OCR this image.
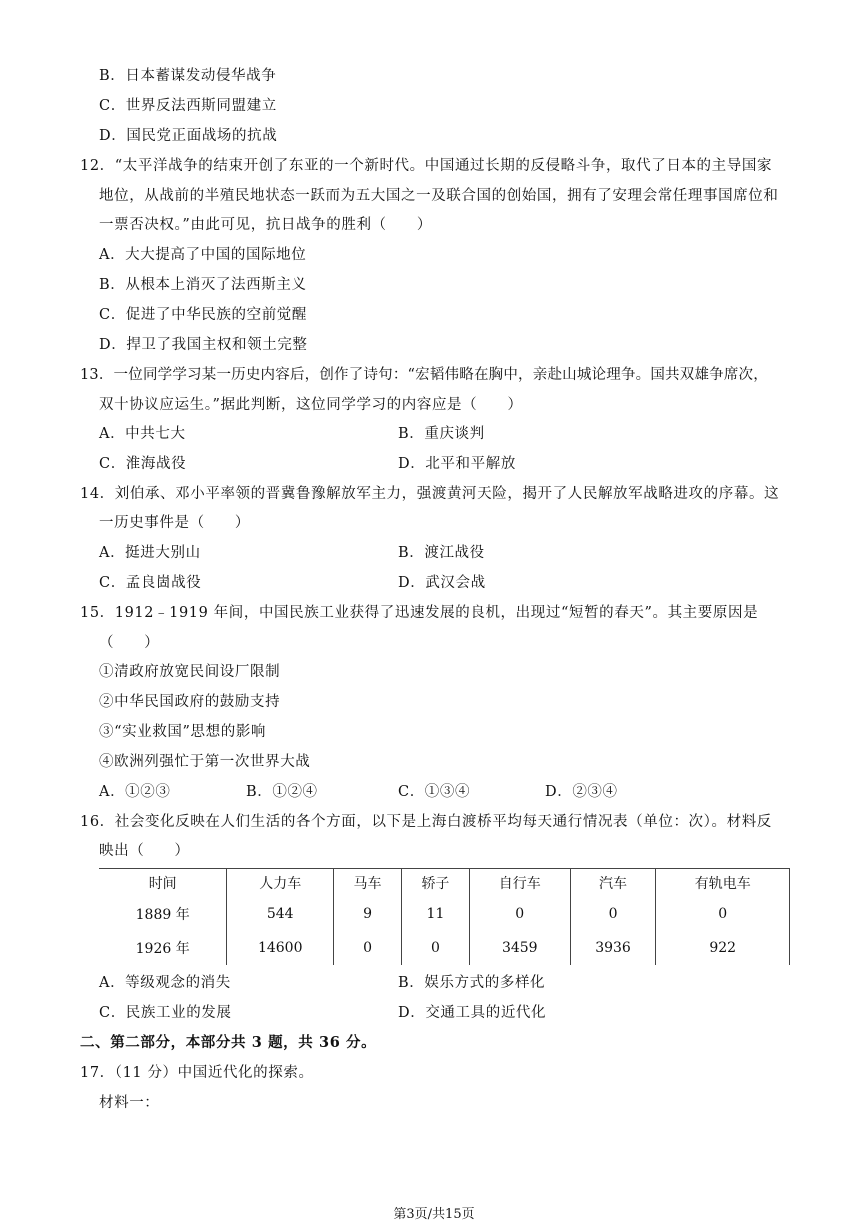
B．日本蓄谋发动侵华战争
C．世界反法西斯同盟建立
D．国民党正面战场的抗战
12．“太平洋战争的结束开创了东亚的一个新时代。中国通过长期的反侵略斗争，取代了日本的主导国家
地位，从战前的半殖民地状态一跃而为五大国之一及联合国的创始国，拥有了安理会常任理事国席位和
一票否决权。”由此可见，抗日战争的胜利（　　）
A．大大提高了中国的国际地位
B．从根本上消灭了法西斯主义
C．促进了中华民族的空前觉醒
D．捍卫了我国主权和领土完整
13．一位同学学习某一历史内容后，创作了诗句：“宏韬伟略在胸中，亲赴山城论理争。国共双雄争席次，
双十协议应运生。”据此判断，这位同学学习的内容应是（　　）
A．中共七大	B．重庆谈判
C．淮海战役	D．北平和平解放
14．刘伯承、邓小平率领的晋冀鲁豫解放军主力，强渡黄河天险，揭开了人民解放军战略进攻的序幕。这
一历史事件是（　　）
A．挺进大别山	B．渡江战役
C．孟良崮战役	D．武汉会战
15．1912﹣1919 年间，中国民族工业获得了迅速发展的良机，出现过“短暂的春天”。其主要原因是
（　　）
①清政府放宽民间设厂限制
②中华民国政府的鼓励支持
③“实业救国”思想的影响
④欧洲列强忙于第一次世界大战
A．①②③	B．①②④	C．①③④	D．②③④
16．社会变化反映在人们生活的各个方面，以下是上海白渡桥平均每天通行情况表（单位：次）。材料反
映出（　　）
时间	人力车	马车	轿子	自行车	汽车	有轨电车
1889 年	544	9	11	0	0	0
1926 年	14600	0	0	3459	3936	922
A．等级观念的消失	B．娱乐方式的多样化
C．民族工业的发展	D．交通工具的近代化
二、第二部分，本部分共 3 题，共 36 分。
17．（11 分）中国近代化的探索。
材料一：
第3页/共15页
